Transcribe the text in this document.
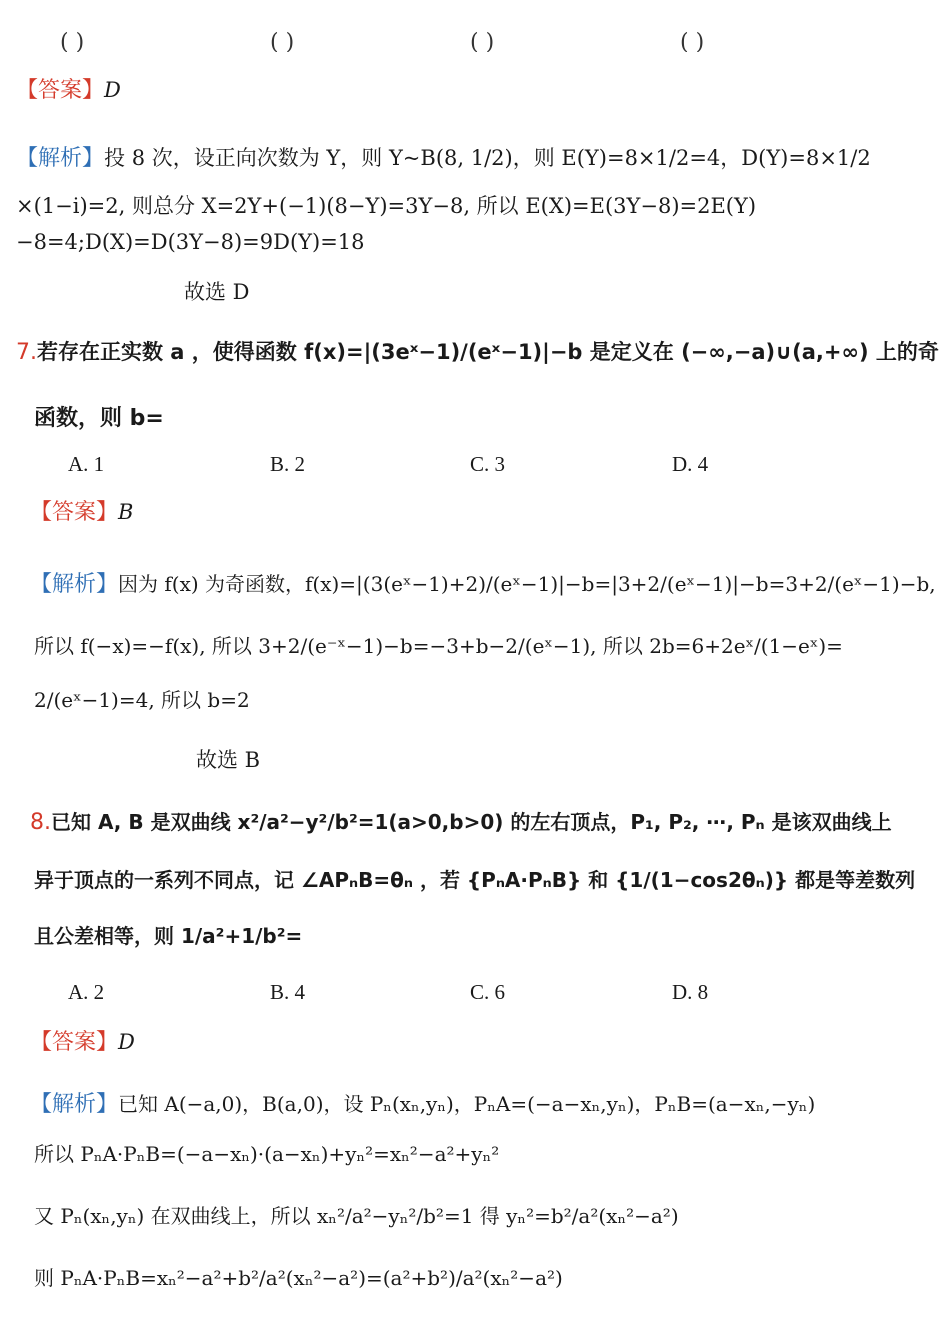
( )	( )	( )	( )
【答案】D
【解析】投 8 次，设正向次数为 Y，则 Y~B(8, 1/2)，则 E(Y)=8×1/2=4，D(Y)=8×1/2
×(1−i)=2, 则总分 X=2Y+(−1)(8−Y)=3Y−8, 所以 E(X)=E(3Y−8)=2E(Y)
−8=4;D(X)=D(3Y−8)=9D(Y)=18
故选 D
7.若存在正实数 a ，使得函数 f(x)=|(3eˣ−1)/(eˣ−1)|−b 是定义在 (−∞,−a)∪(a,+∞) 上的奇
函数，则 b=
A. 1	B. 2	C. 3	D. 4
【答案】B
【解析】因为 f(x) 为奇函数，f(x)=|(3(eˣ−1)+2)/(eˣ−1)|−b=|3+2/(eˣ−1)|−b=3+2/(eˣ−1)−b,
所以 f(−x)=−f(x), 所以 3+2/(e⁻ˣ−1)−b=−3+b−2/(eˣ−1), 所以 2b=6+2eˣ/(1−eˣ)=
2/(eˣ−1)=4, 所以 b=2
故选 B
8.已知 A, B 是双曲线 x²/a²−y²/b²=1(a>0,b>0) 的左右顶点，P₁, P₂, ⋯, Pₙ 是该双曲线上
异于顶点的一系列不同点，记 ∠APₙB=θₙ ，若 {PₙA·PₙB} 和 {1/(1−cos2θₙ)} 都是等差数列
且公差相等，则 1/a²+1/b²=
A. 2	B. 4	C. 6	D. 8
【答案】D
【解析】已知 A(−a,0)，B(a,0)，设 Pₙ(xₙ,yₙ)，PₙA=(−a−xₙ,yₙ)，PₙB=(a−xₙ,−yₙ)
所以 PₙA·PₙB=(−a−xₙ)·(a−xₙ)+yₙ²=xₙ²−a²+yₙ²
又 Pₙ(xₙ,yₙ) 在双曲线上，所以 xₙ²/a²−yₙ²/b²=1 得 yₙ²=b²/a²(xₙ²−a²)
则 PₙA·PₙB=xₙ²−a²+b²/a²(xₙ²−a²)=(a²+b²)/a²(xₙ²−a²)
